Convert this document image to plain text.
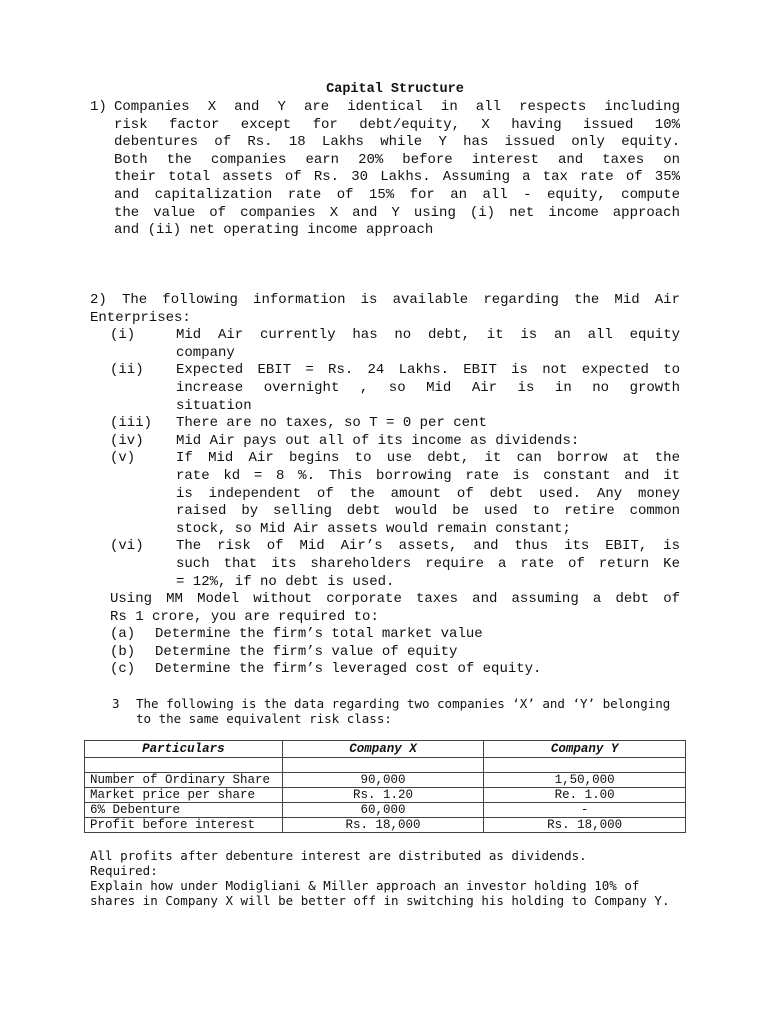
Capital Structure
1) Companies X and Y are identical in all respects including
risk factor except for debt/equity, X having issued 10%
debentures of Rs. 18 Lakhs while Y has issued only equity.
Both the companies earn 20% before interest and taxes on
their total assets of Rs. 30 Lakhs. Assuming a tax rate of 35%
and capitalization rate of 15% for an all - equity, compute
the value of companies X and Y using (i) net income approach
and (ii) net operating income approach
2) The following information is available regarding the Mid Air
Enterprises:
(i)	Mid Air currently has no debt, it is an all equity
company
(ii)	Expected EBIT = Rs. 24 Lakhs. EBIT is not expected to
increase overnight , so Mid Air is in no growth
situation
(iii)	There are no taxes, so T = 0 per cent
(iv)	Mid Air pays out all of its income as dividends:
(v)	If Mid Air begins to use debt, it can borrow at the
rate kd = 8 %. This borrowing rate is constant and it
is independent of the amount of debt used. Any money
raised by selling debt would be used to retire common
stock, so Mid Air assets would remain constant;
(vi)	The risk of Mid Air’s assets, and thus its EBIT, is
such that its shareholders require a rate of return Ke
= 12%, if no debt is used.
Using MM Model without corporate taxes and assuming a debt of
Rs 1 crore, you are required to:
(a)	Determine the firm’s total market value
(b)	Determine the firm’s value of equity
(c)	Determine the firm’s leveraged cost of equity.
3	The following is the data regarding two companies ‘X’ and ‘Y’ belonging
to the same equivalent risk class:
Particulars	Company X	Company Y

Number of Ordinary Share	90,000	1,50,000
Market price per share	Rs. 1.20	Re. 1.00
6% Debenture	60,000	-
Profit before interest	Rs. 18,000	Rs. 18,000
All profits after debenture interest are distributed as dividends.
Required:
Explain how under Modigliani & Miller approach an investor holding 10% of
shares in Company X will be better off in switching his holding to Company Y.
